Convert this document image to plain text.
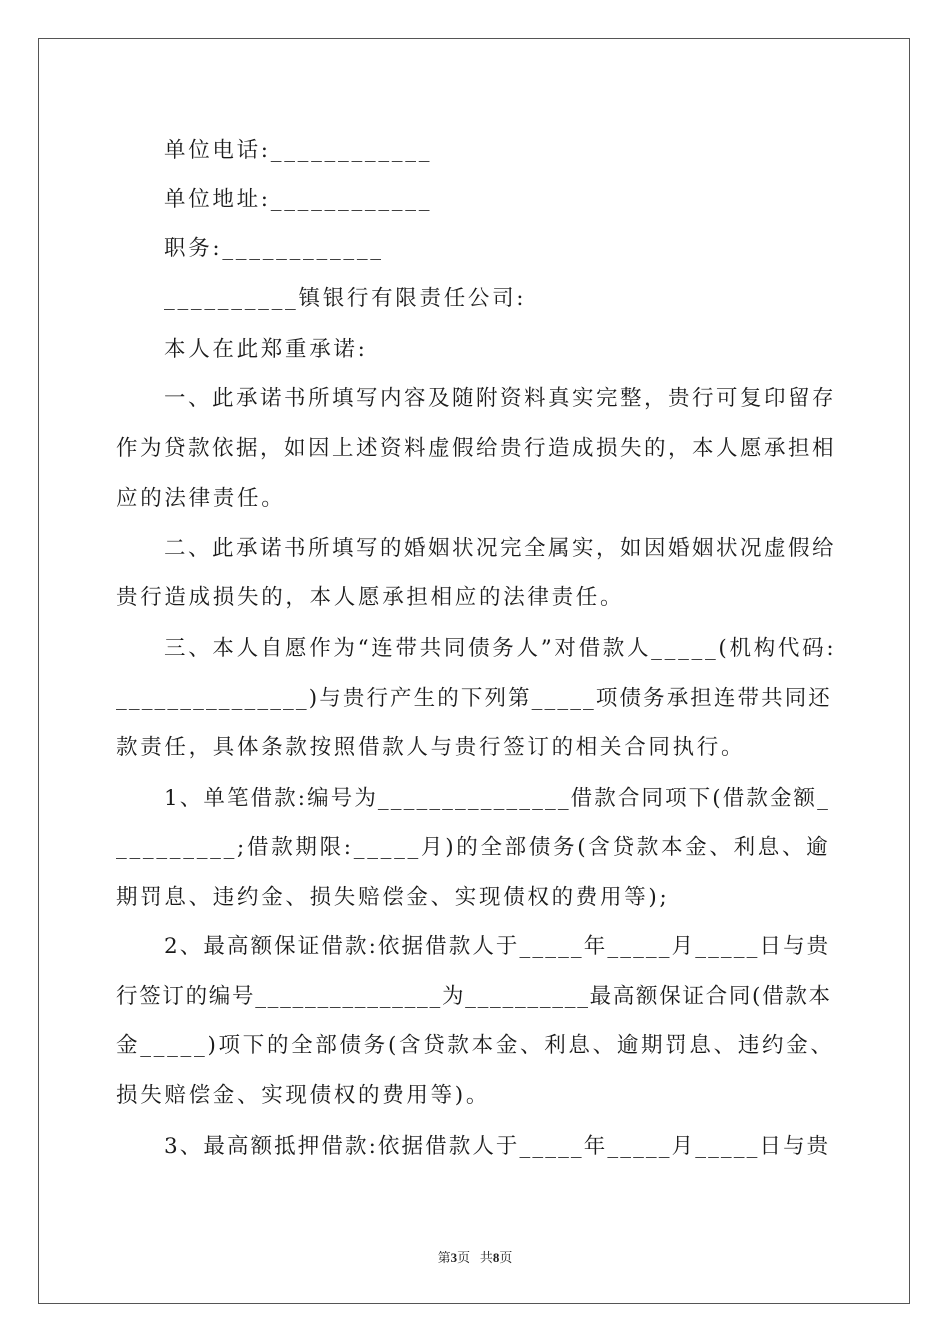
单位电话:____________
单位地址:____________
职务:____________
__________镇银行有限责任公司:
本人在此郑重承诺:
一、此承诺书所填写内容及随附资料真实完整，贵行可复印留存
作为贷款依据，如因上述资料虚假给贵行造成损失的，本人愿承担相
应的法律责任。
二、此承诺书所填写的婚姻状况完全属实，如因婚姻状况虚假给
贵行造成损失的，本人愿承担相应的法律责任。
三、本人自愿作为“连带共同债务人”对借款人_____(机构代码:
_______________)与贵行产生的下列第_____项债务承担连带共同还
款责任，具体条款按照借款人与贵行签订的相关合同执行。
1、单笔借款:编号为_______________借款合同项下(借款金额_
_________;借款期限:_____月)的全部债务(含贷款本金、利息、逾
期罚息、违约金、损失赔偿金、实现债权的费用等);
2、最高额保证借款:依据借款人于_____年_____月_____日与贵
行签订的编号_______________为__________最高额保证合同(借款本
金_____)项下的全部债务(含贷款本金、利息、逾期罚息、违约金、
损失赔偿金、实现债权的费用等)。
3、最高额抵押借款:依据借款人于_____年_____月_____日与贵
第3页 共8页
